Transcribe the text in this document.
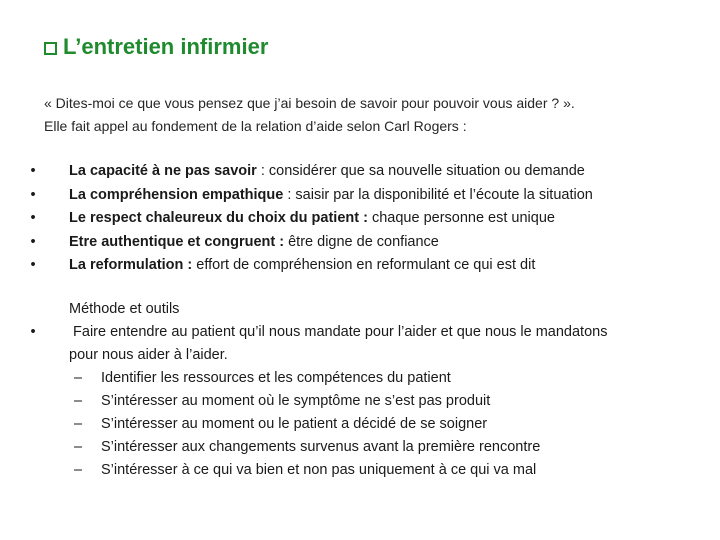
L’entretien infirmier
« Dites-moi ce que vous pensez que j’ai besoin de savoir pour pouvoir vous aider ? ».
Elle fait appel au fondement de la relation d’aide selon Carl Rogers :
• La capacité à ne pas savoir : considérer que sa nouvelle situation ou demande
• La compréhension empathique : saisir par la disponibilité et l’écoute la situation
• Le respect chaleureux du choix du patient : chaque personne est unique
• Etre authentique et congruent : être digne de confiance
• La reformulation : effort de compréhension en reformulant ce qui est dit
Méthode et outils
• Faire entendre au patient qu’il nous mandate pour l’aider et que nous le mandatons
pour nous aider à l’aider.
– Identifier les ressources et les compétences du patient
– S’intéresser au moment où le symptôme ne s’est pas produit
– S’intéresser au moment ou le patient a décidé de se soigner
– S’intéresser aux changements survenus avant la première rencontre
– S’intéresser à ce qui va bien et non pas uniquement à ce qui va mal
